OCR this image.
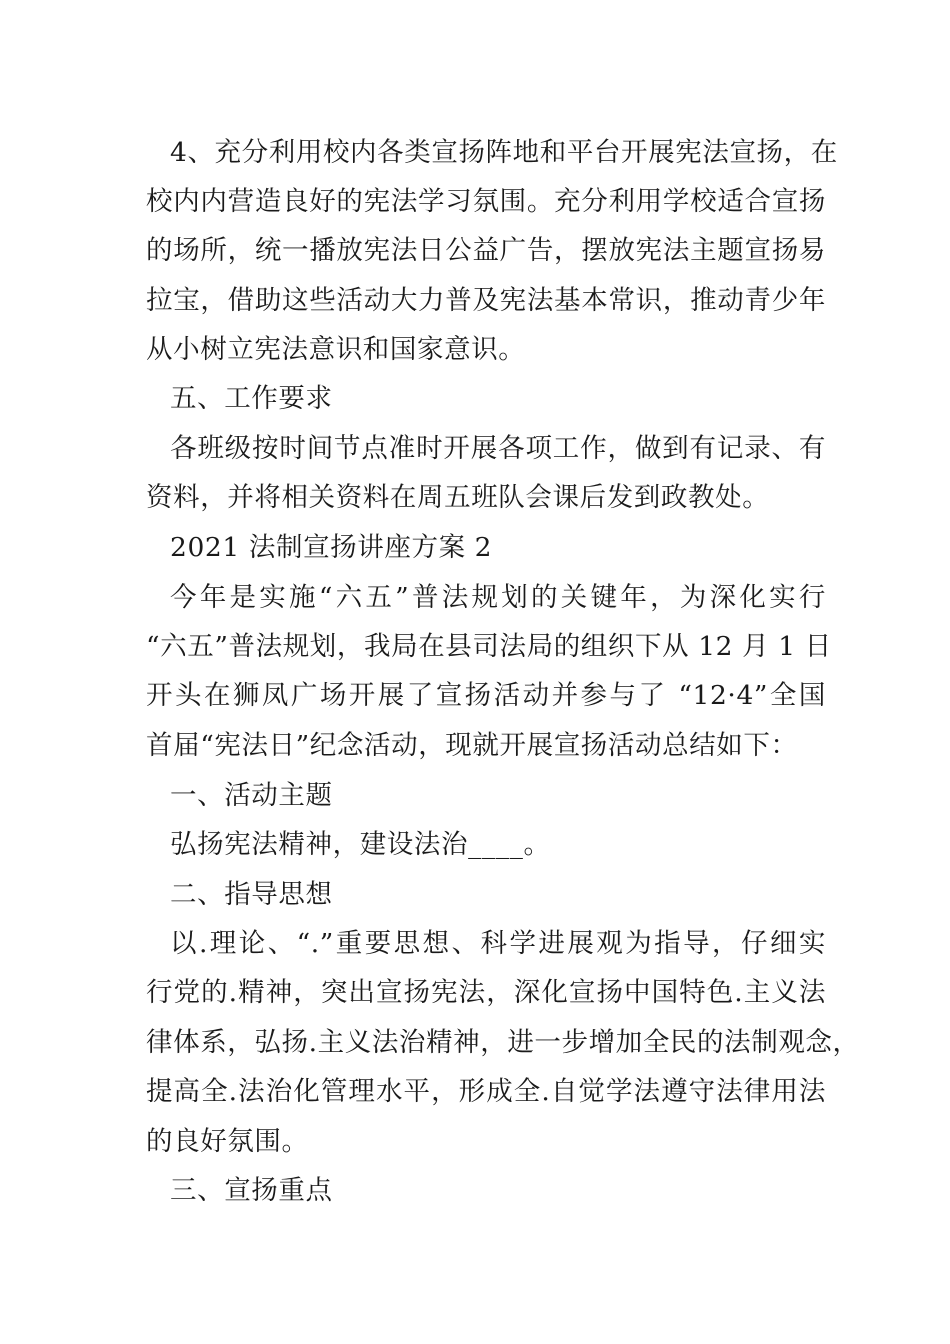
4、充分利用校内各类宣扬阵地和平台开展宪法宣扬，在
校内内营造良好的宪法学习氛围。充分利用学校适合宣扬
的场所，统一播放宪法日公益广告，摆放宪法主题宣扬易
拉宝，借助这些活动大力普及宪法基本常识，推动青少年
从小树立宪法意识和国家意识。
五、工作要求
各班级按时间节点准时开展各项工作，做到有记录、有
资料，并将相关资料在周五班队会课后发到政教处。
2021 法制宣扬讲座方案 2
今年是实施“六五”普法规划的关键年，为深化实行
“六五”普法规划，我局在县司法局的组织下从 12 月 1 日
开头在狮凤广场开展了宣扬活动并参与了 “12·4”全国
首届“宪法日”纪念活动，现就开展宣扬活动总结如下：
一、活动主题
弘扬宪法精神，建设法治____。
二、指导思想
以.理论、“.”重要思想、科学进展观为指导，仔细实
行党的.精神，突出宣扬宪法，深化宣扬中国特色.主义法
律体系，弘扬.主义法治精神，进一步增加全民的法制观念，
提高全.法治化管理水平，形成全.自觉学法遵守法律用法
的良好氛围。
三、宣扬重点
